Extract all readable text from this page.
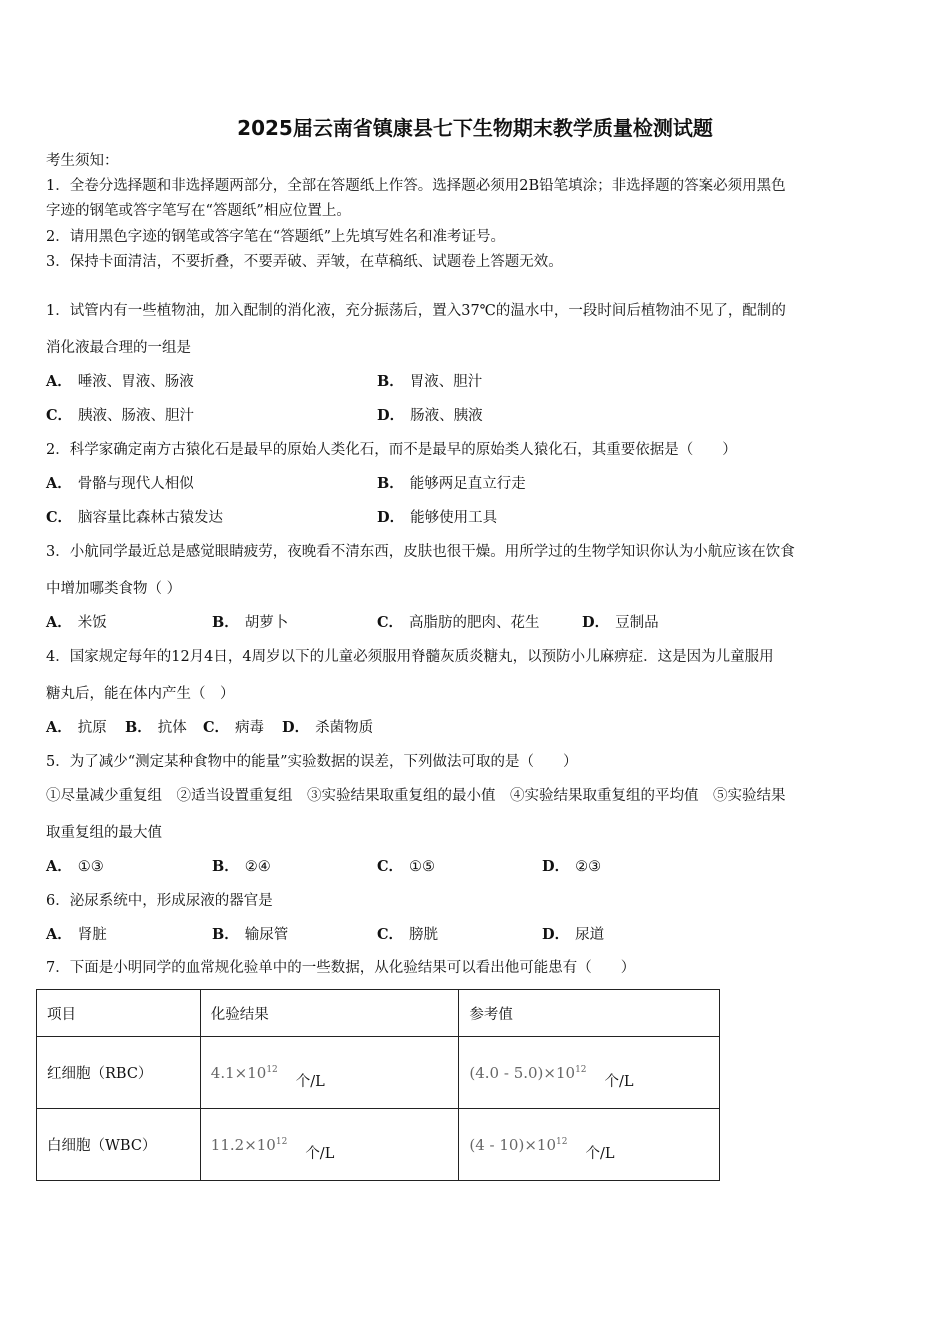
2025届云南省镇康县七下生物期末教学质量检测试题
考生须知：
1．全卷分选择题和非选择题两部分，全部在答题纸上作答。选择题必须用2B铅笔填涂；非选择题的答案必须用黑色
字迹的钢笔或答字笔写在“答题纸”相应位置上。
2．请用黑色字迹的钢笔或答字笔在“答题纸”上先填写姓名和准考证号。
3．保持卡面清洁，不要折叠，不要弄破、弄皱，在草稿纸、试题卷上答题无效。
1．试管内有一些植物油，加入配制的消化液，充分振荡后，置入37℃的温水中，一段时间后植物油不见了，配制的
消化液最合理的一组是
A． 唾液、胃液、肠液	B． 胃液、胆汁
C． 胰液、肠液、胆汁	D． 肠液、胰液
2．科学家确定南方古猿化石是最早的原始人类化石，而不是最早的原始类人猿化石，其重要依据是（　　）
A． 骨骼与现代人相似	B． 能够两足直立行走
C． 脑容量比森林古猿发达	D． 能够使用工具
3．小航同学最近总是感觉眼睛疲劳，夜晚看不清东西，皮肤也很干燥。用所学过的生物学知识你认为小航应该在饮食
中增加哪类食物（ ）
A． 米饭	B． 胡萝卜	C． 高脂肪的肥肉、花生	D． 豆制品
4．国家规定每年的12月4日，4周岁以下的儿童必须服用脊髓灰质炎糖丸，以预防小儿麻痹症．这是因为儿童服用
糖丸后，能在体内产生（　）
A． 抗原 B． 抗体 C． 病毒 D． 杀菌物质
5．为了减少“测定某种食物中的能量”实验数据的误差，下列做法可取的是（　　）
①尽量减少重复组　②适当设置重复组　③实验结果取重复组的最小值　④实验结果取重复组的平均值　⑤实验结果
取重复组的最大值
A． ①③	B． ②④	C． ①⑤	D． ②③
6．泌尿系统中，形成尿液的器官是
A． 肾脏	B． 输尿管	C． 膀胱	D． 尿道
7．下面是小明同学的血常规化验单中的一些数据，从化验结果可以看出他可能患有（　　）
项目	化验结果	参考值
红细胞（RBC）	$4.1\times 10^{12}$个/L	$(4.0 - 5.0)\times 10^{12}$个/L
白细胞（WBC）	$11.2\times 10^{12}$个/L	$(4 - 10)\times 10^{12}$个/L
